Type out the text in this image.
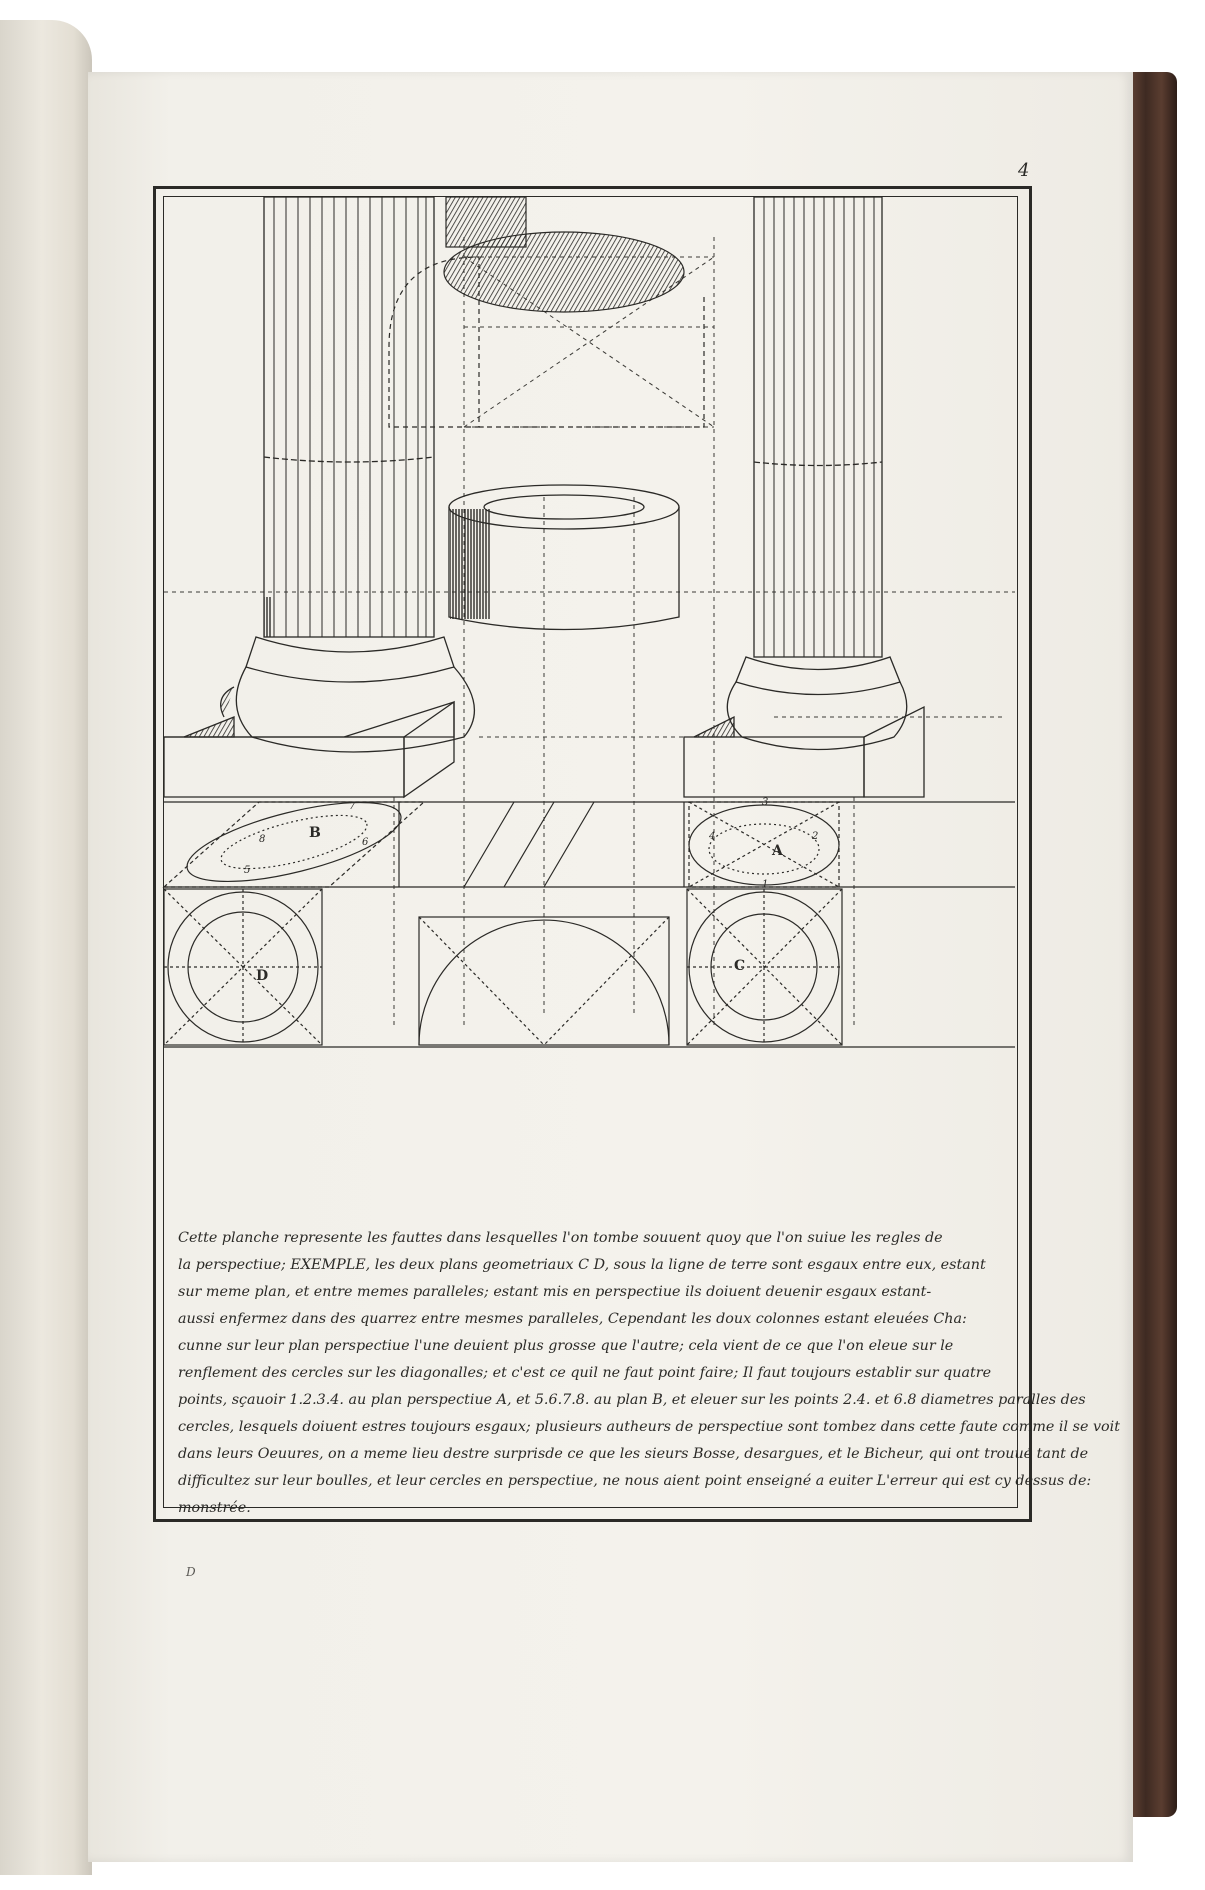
4
B
8
7
6
5
A
3
4	2
1
D
C
Cette planche represente les fauttes dans lesquelles l'on tombe souuent quoy que l'on suiue les regles de
la perspectiue; EXEMPLE, les deux plans geometriaux C D, sous la ligne de terre sont esgaux entre eux, estant
sur meme plan, et entre memes paralleles; estant mis en perspectiue ils doiuent deuenir esgaux estant-
aussi enfermez dans des quarrez entre mesmes paralleles, Cependant les doux colonnes estant eleuées Cha:
cunne sur leur plan perspectiue l'une deuient plus grosse que l'autre; cela vient de ce que l'on eleue sur le
renflement des cercles sur les diagonalles; et c'est ce quil ne faut point faire; Il faut toujours establir sur quatre
points, sçauoir 1.2.3.4. au plan perspectiue A, et 5.6.7.8. au plan B, et eleuer sur les points 2.4. et 6.8 diametres paralles des
cercles, lesquels doiuent estres toujours esgaux; plusieurs autheurs de perspectiue sont tombez dans cette faute comme il se voit
dans leurs Oeuures, on a meme lieu destre surprisde ce que les sieurs Bosse, desargues, et le Bicheur, qui ont trouué tant de
difficultez sur leur boulles, et leur cercles en perspectiue, ne nous aient point enseigné a euiter L'erreur qui est cy dessus de:
monstrée.
D
